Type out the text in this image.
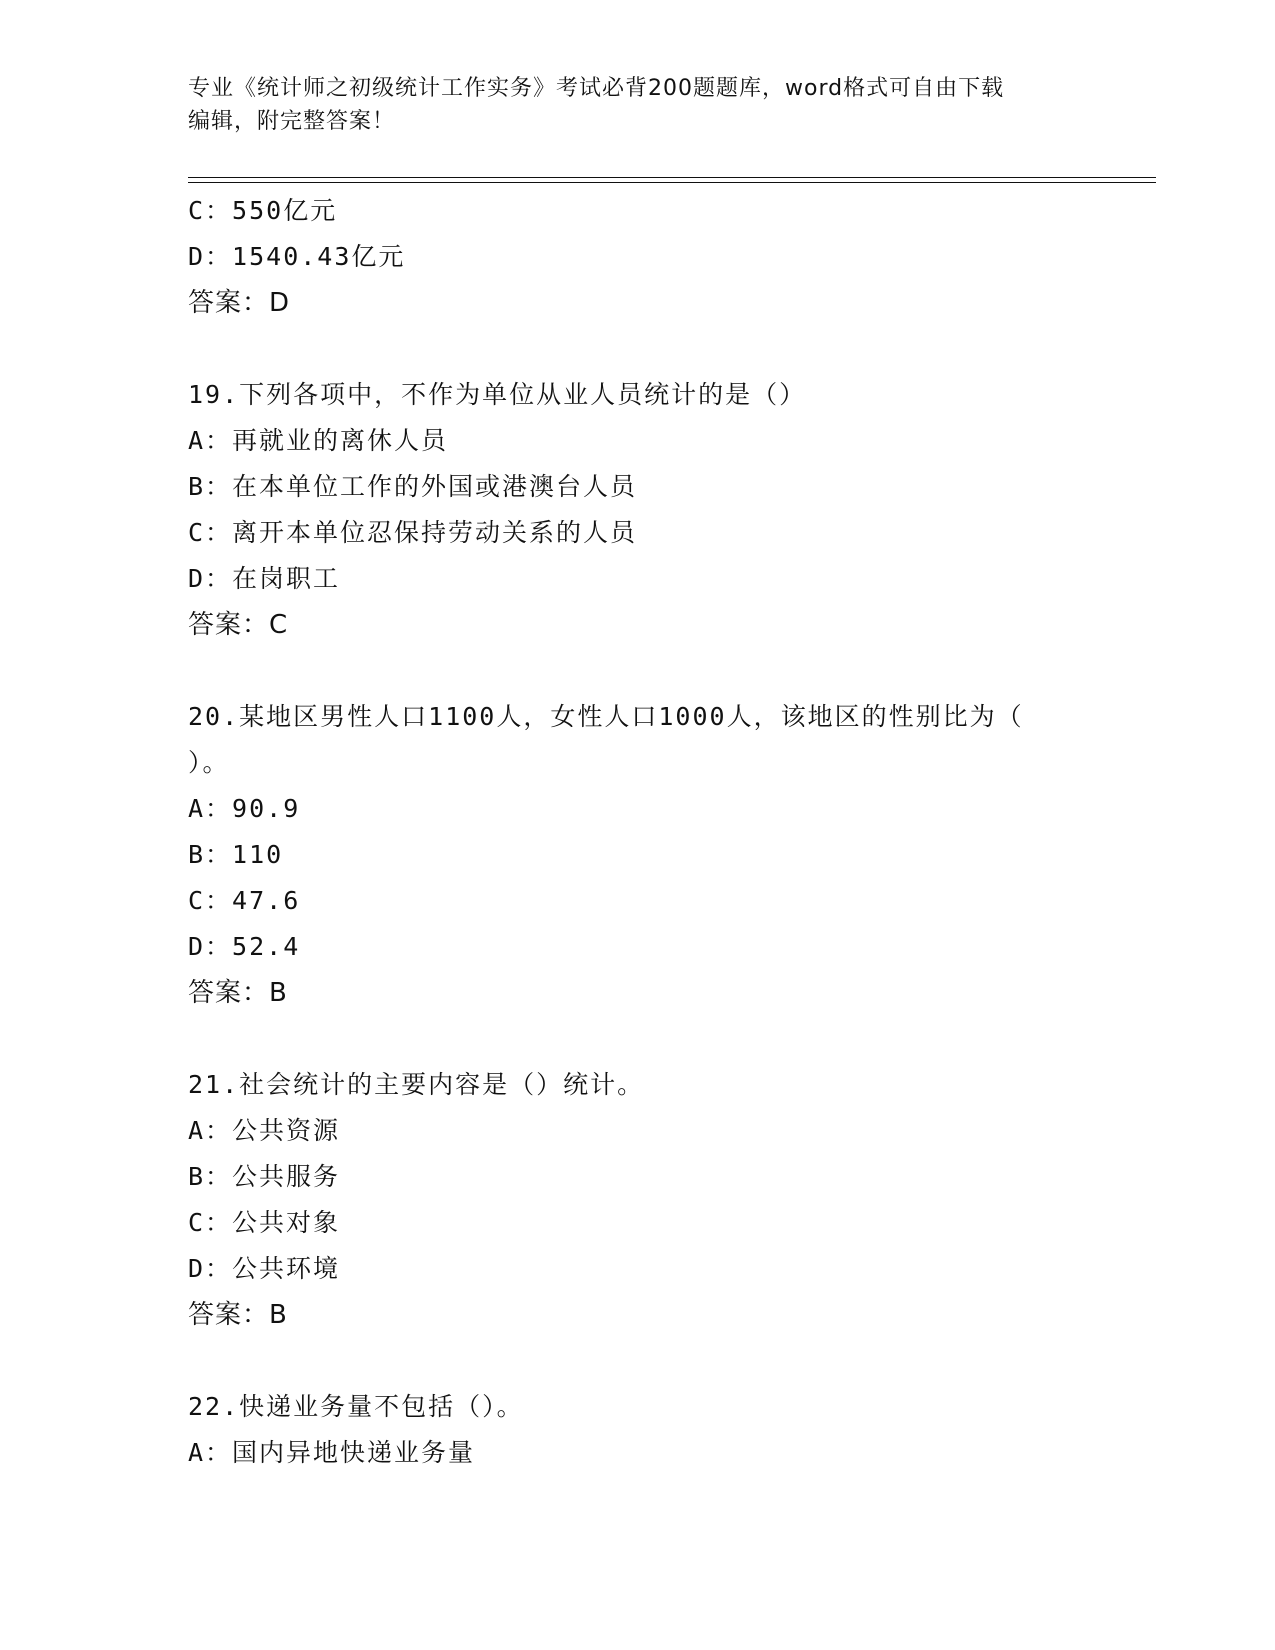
专业《统计师之初级统计工作实务》考试必背200题题库，word格式可自由下载
编辑，附完整答案！
C：550亿元
D：1540.43亿元
答案：D
19.下列各项中，不作为单位从业人员统计的是（）
A：再就业的离休人员
B：在本单位工作的外国或港澳台人员
C：离开本单位忍保持劳动关系的人员
D：在岗职工
答案：C
20.某地区男性人口1100人，女性人口1000人，该地区的性别比为（
）。
A：90.9
B：110
C：47.6
D：52.4
答案：B
21.社会统计的主要内容是（）统计。
A：公共资源
B：公共服务
C：公共对象
D：公共环境
答案：B
22.快递业务量不包括（）。
A：国内异地快递业务量
